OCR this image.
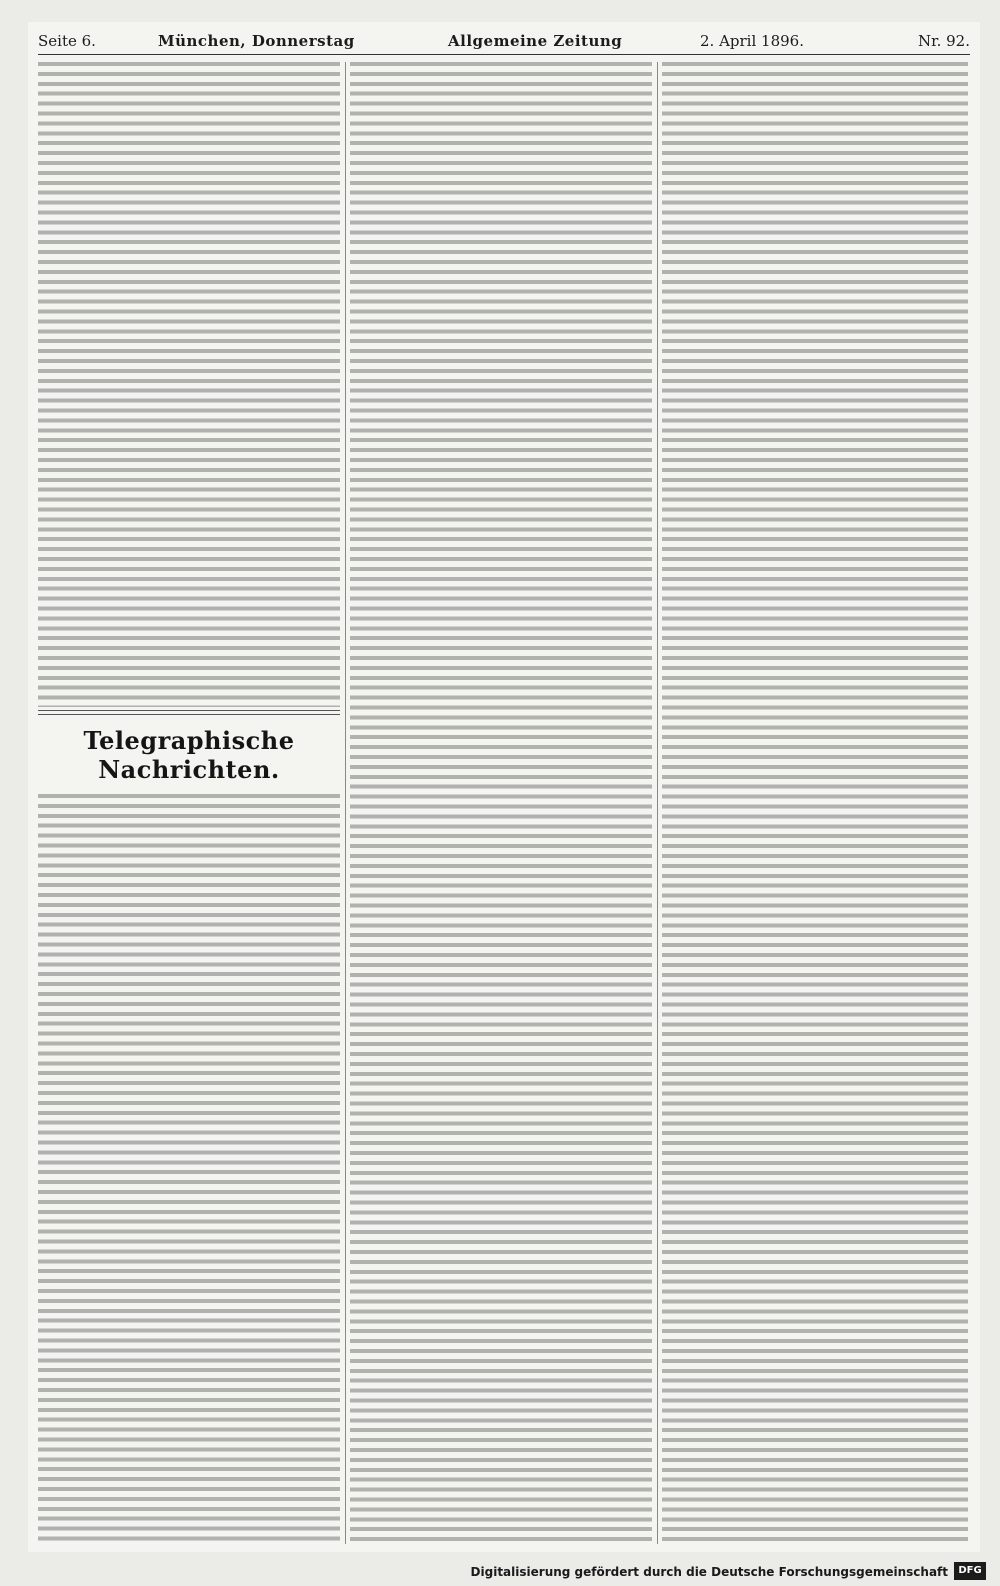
Seite 6.	München, Donnerstag	Allgemeine Zeitung	2. April 1896.	Nr. 92.
Telegraphische Nachrichten.
Digitalisierung gefördert durch die Deutsche Forschungsgemeinschaft	DFG
